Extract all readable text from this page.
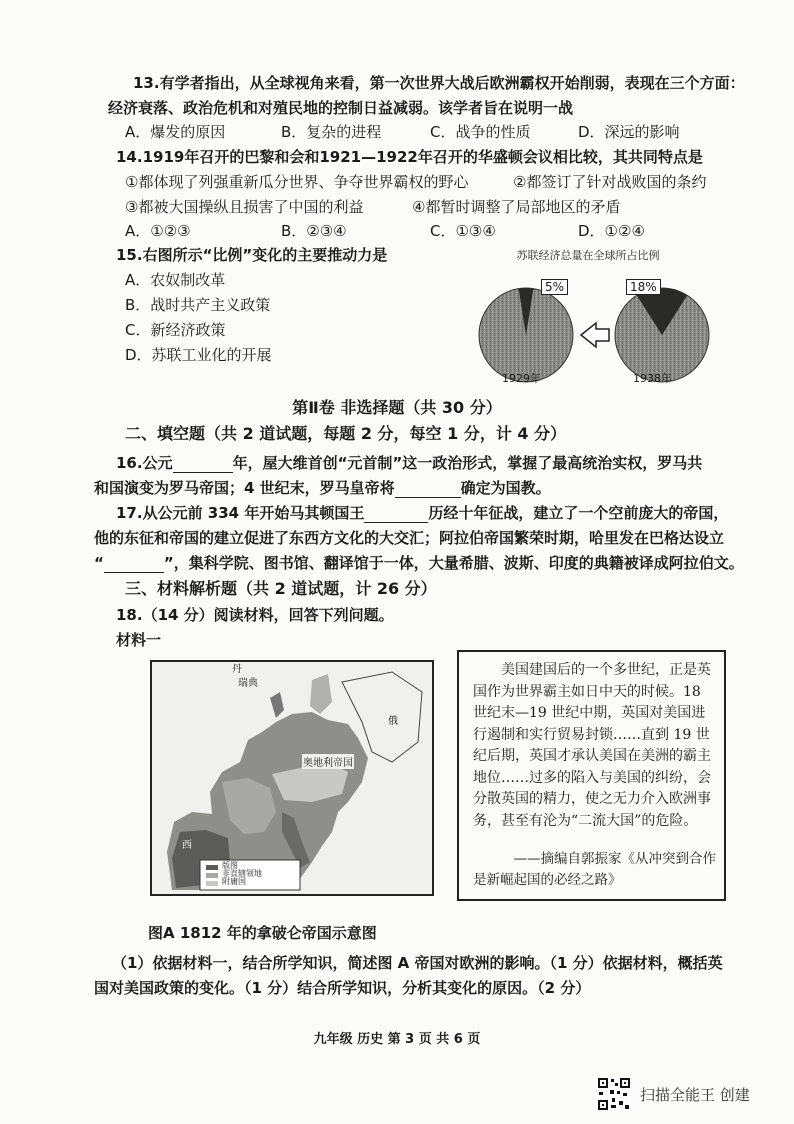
13.有学者指出，从全球视角来看，第一次世界大战后欧洲霸权开始削弱，表现在三个方面：
经济衰落、政治危机和对殖民地的控制日益减弱。该学者旨在说明一战
A．爆发的原因	B．复杂的进程	C．战争的性质	D．深远的影响
14.1919年召开的巴黎和会和1921—1922年召开的华盛顿会议相比较，其共同特点是
①都体现了列强重新瓜分世界、争夺世界霸权的野心	②都签订了针对战败国的条约
③都被大国操纵且损害了中国的利益	④都暂时调整了局部地区的矛盾
A．①②③	B．②③④	C．①③④	D．①②④
15.右图所示“比例”变化的主要推动力是
A．农奴制改革
B．战时共产主义政策
C．新经济政策
D．苏联工业化的开展
苏联经济总量在全球所占比例
1929年	1938年
5%	18%
第Ⅱ卷 非选择题（共 30 分）
二、填空题（共 2 道试题，每题 2 分，每空 1 分，计 4 分）
16.公元	年，屋大维首创“元首制”这一政治形式，掌握了最高统治实权，罗马共
和国演变为罗马帝国；4 世纪末，罗马皇帝将	确定为国教。
17.从公元前 334 年开始马其顿国王	历经十年征战，建立了一个空前庞大的帝国，
他的东征和帝国的建立促进了东西方文化的大交汇；阿拉伯帝国繁荣时期，哈里发在巴格达设立
“	”，集科学院、图书馆、翻译馆于一体，大量希腊、波斯、印度的典籍被译成阿拉伯文。
三、材料解析题（共 2 道试题，计 26 分）
18.（14 分）阅读材料，回答下列问题。
材料一
丹
瑞典
奥地利帝国
俄
西
版图
非直辖领地
附庸国

美国建国后的一个多世纪，正是英国作为世界霸主如日中天的时候。18 世纪末—19 世纪中期，英国对美国进行遏制和实行贸易封锁……直到 19 世纪后期，英国才承认美国在美洲的霸主地位……过多的陷入与美国的纠纷，会分散英国的精力，使之无力介入欧洲事务，甚至有沦为“二流大国”的危险。

——摘编自郭振家《从冲突到合作
是新崛起国的必经之路》
图A 1812 年的拿破仑帝国示意图
（1）依据材料一，结合所学知识，简述图 A 帝国对欧洲的影响。（1 分）依据材料，概括英
国对美国政策的变化。（1 分）结合所学知识，分析其变化的原因。（2 分）
九年级 历史 第 3 页 共 6 页
扫描全能王 创建
